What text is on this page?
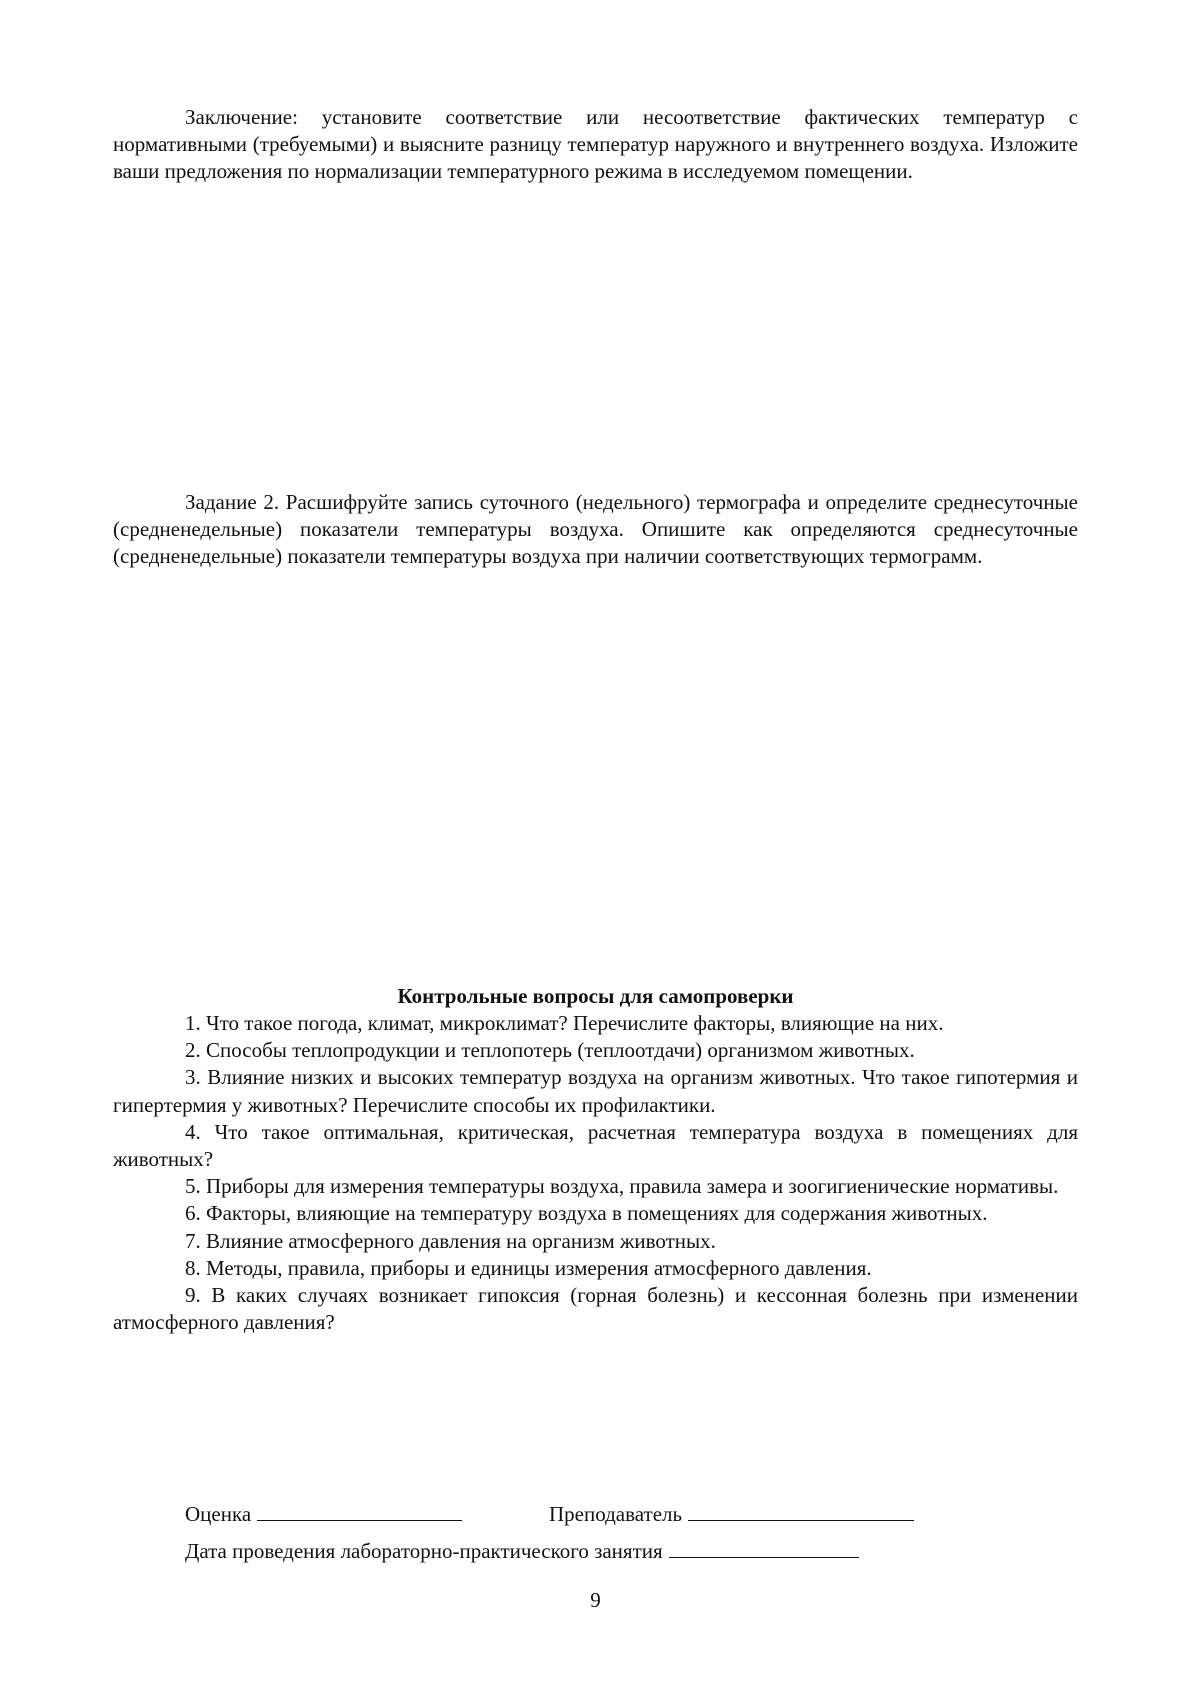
Заключение: установите соответствие или несоответствие фактических температур с нормативными (требуемыми) и выясните разницу температур наружного и внутреннего воздуха. Изложите ваши предложения по нормализации температурного режима в исследуемом помещении.

Задание 2. Расшифруйте запись суточного (недельного) термографа и определите среднесуточные (средненедельные) показатели температуры воздуха. Опишите как определяются среднесуточные (средненедельные) показатели температуры воздуха при наличии соответствующих термограмм.

Контрольные вопросы для самопроверки

1. Что такое погода, климат, микроклимат? Перечислите факторы, влияющие на них.

2. Способы теплопродукции и теплопотерь (теплоотдачи) организмом животных.

3. Влияние низких и высоких температур воздуха на организм животных. Что такое гипотермия и гипертермия у животных? Перечислите способы их профилактики.

4. Что такое оптимальная, критическая, расчетная температура воздуха в помещениях для животных?

5. Приборы для измерения температуры воздуха, правила замера и зоогигиенические нормативы.

6. Факторы, влияющие на температуру воздуха в помещениях для содержания животных.

7. Влияние атмосферного давления на организм животных.

8. Методы, правила, приборы и единицы измерения атмосферного давления.

9. В каких случаях возникает гипоксия (горная болезнь) и кессонная болезнь при изменении атмосферного давления?

Оценка	Преподаватель
Дата проведения лабораторно-практического занятия
9
